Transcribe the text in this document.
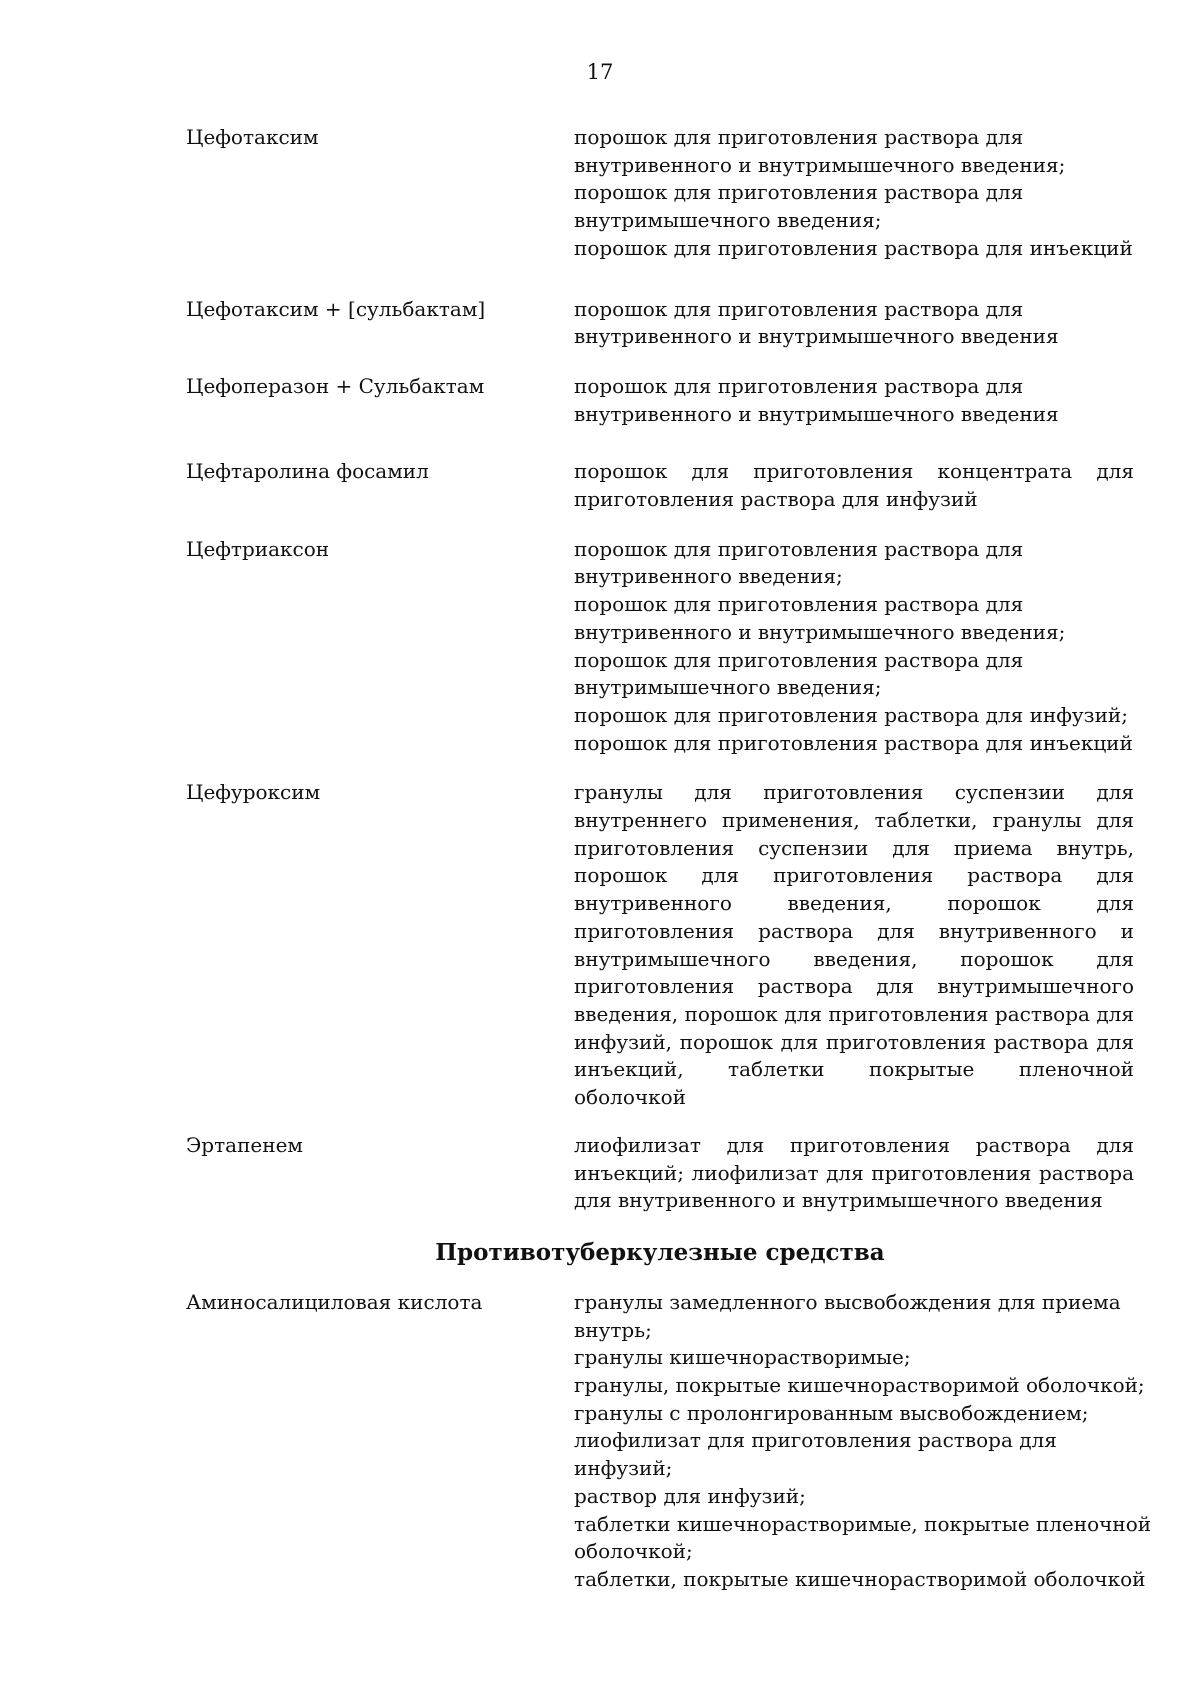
17
Цефотаксим	порошок для приготовления раствора для
внутривенного и внутримышечного введения;
порошок для приготовления раствора для
внутримышечного введения;
порошок для приготовления раствора для инъекций
Цефотаксим + [сульбактам]	порошок для приготовления раствора для
внутривенного и внутримышечного введения
Цефоперазон + Сульбактам	порошок для приготовления раствора для
внутривенного и внутримышечного введения
Цефтаролина фосамил	порошок для приготовления концентрата для приготовления раствора для инфузий
Цефтриаксон	порошок для приготовления раствора для
внутривенного введения;
порошок для приготовления раствора для
внутривенного и внутримышечного введения;
порошок для приготовления раствора для
внутримышечного введения;
порошок для приготовления раствора для инфузий;
порошок для приготовления раствора для инъекций
Цефуроксим	гранулы для приготовления суспензии для внутреннего применения, таблетки, гранулы для приготовления суспензии для приема внутрь, порошок для приготовления раствора для внутривенного введения, порошок для приготовления раствора для внутривенного и внутримышечного введения, порошок для приготовления раствора для внутримышечного введения, порошок для приготовления раствора для инфузий, порошок для приготовления раствора для инъекций, таблетки покрытые пленочной оболочкой
Эртапенем	лиофилизат для приготовления раствора для инъекций; лиофилизат для приготовления раствора для внутривенного и внутримышечного введения
Противотуберкулезные средства
Аминосалициловая кислота	гранулы замедленного высвобождения для приема
внутрь;
гранулы кишечнорастворимые;
гранулы, покрытые кишечнорастворимой оболочкой;
гранулы с пролонгированным высвобождением;
лиофилизат для приготовления раствора для
инфузий;
раствор для инфузий;
таблетки кишечнорастворимые, покрытые пленочной
оболочкой;
таблетки, покрытые кишечнорастворимой оболочкой
